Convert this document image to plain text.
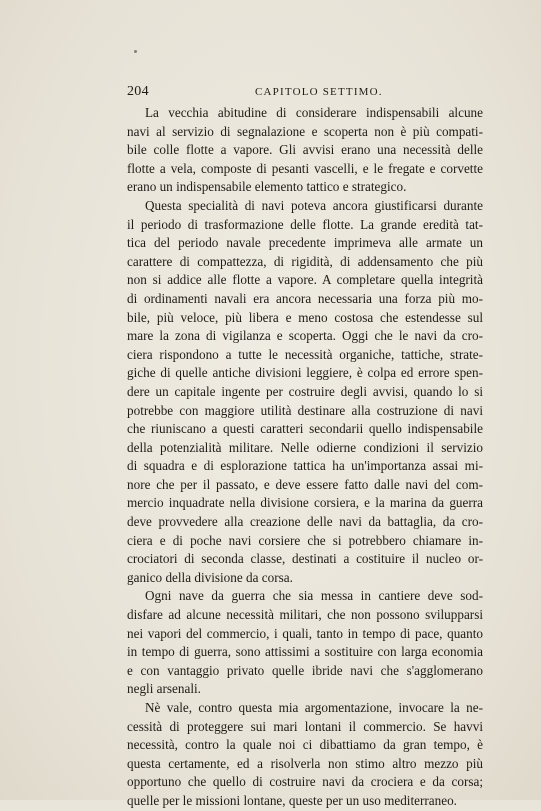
204	CAPITOLO SETTIMO.
La vecchia abitudine di considerare indispensabili alcune
navi al servizio di segnalazione e scoperta non è più compati-
bile colle flotte a vapore. Gli avvisi erano una necessità delle
flotte a vela, composte di pesanti vascelli, e le fregate e corvette
erano un indispensabile elemento tattico e strategico.
Questa specialità di navi poteva ancora giustificarsi durante
il periodo di trasformazione delle flotte. La grande eredità tat-
tica del periodo navale precedente imprimeva alle armate un
carattere di compattezza, di rigidità, di addensamento che più
non si addice alle flotte a vapore. A completare quella integrità
di ordinamenti navali era ancora necessaria una forza più mo-
bile, più veloce, più libera e meno costosa che estendesse sul
mare la zona di vigilanza e scoperta. Oggi che le navi da cro-
ciera rispondono a tutte le necessità organiche, tattiche, strate-
giche di quelle antiche divisioni leggiere, è colpa ed errore spen-
dere un capitale ingente per costruire degli avvisi, quando lo si
potrebbe con maggiore utilità destinare alla costruzione di navi
che riuniscano a questi caratteri secondarii quello indispensabile
della potenzialità militare. Nelle odierne condizioni il servizio
di squadra e di esplorazione tattica ha un'importanza assai mi-
nore che per il passato, e deve essere fatto dalle navi del com-
mercio inquadrate nella divisione corsiera, e la marina da guerra
deve provvedere alla creazione delle navi da battaglia, da cro-
ciera e di poche navi corsiere che si potrebbero chiamare in-
crociatori di seconda classe, destinati a costituire il nucleo or-
ganico della divisione da corsa.
Ogni nave da guerra che sia messa in cantiere deve sod-
disfare ad alcune necessità militari, che non possono svilupparsi
nei vapori del commercio, i quali, tanto in tempo di pace, quanto
in tempo di guerra, sono attissimi a sostituire con larga economia
e con vantaggio privato quelle ibride navi che s'agglomerano
negli arsenali.
Nè vale, contro questa mia argomentazione, invocare la ne-
cessità di proteggere sui mari lontani il commercio. Se havvi
necessità, contro la quale noi ci dibattiamo da gran tempo, è
questa certamente, ed a risolverla non stimo altro mezzo più
opportuno che quello di costruire navi da crociera e da corsa;
quelle per le missioni lontane, queste per un uso mediterraneo.
